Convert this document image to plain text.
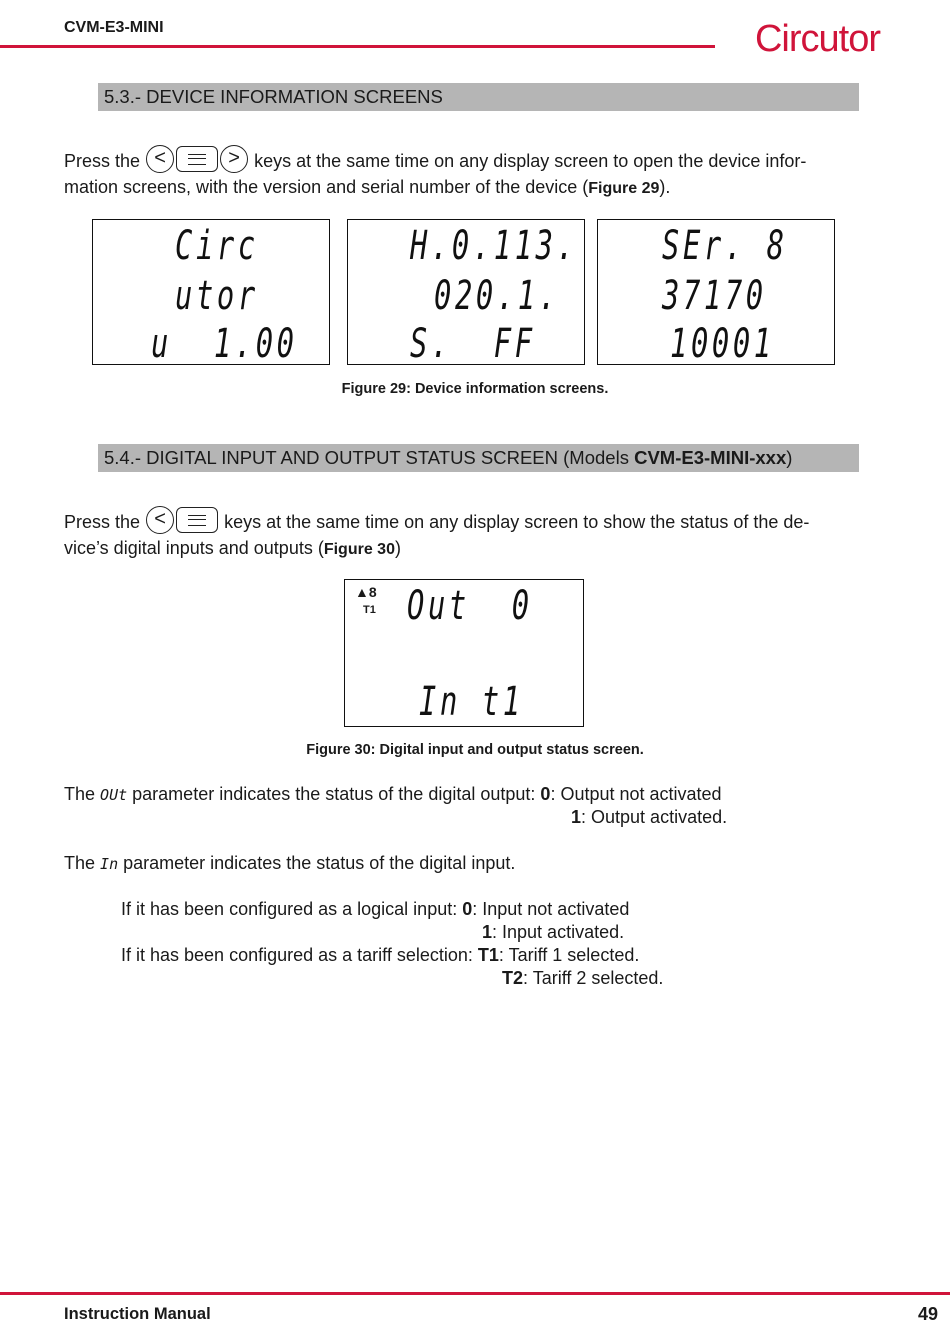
CVM-E3-MINI	Circutor
5.3.- DEVICE INFORMATION SCREENS
Press the <	> keys at the same time on any display screen to open the device infor-
mation screens, with the version and serial number of the device (Figure 29).
Circ
utor
u  1.00
H.0.113.
020.1.
S.  FF
SEr. 8
37170
10001
Figure 29: Device information screens.
5.4.- DIGITAL INPUT AND OUTPUT STATUS SCREEN (Models CVM-E3-MINI-xxx)
Press the <	keys at the same time on any display screen to show the status of the de-
vice’s digital inputs and outputs (Figure 30)
▲8
T1 Out  0
In t1
Figure 30: Digital input and output status screen.
The OUt parameter indicates the status of the digital output: 0: Output not activated
1: Output activated.
The In parameter indicates the status of the digital input.
If it has been configured as a logical input: 0: Input not activated
1: Input activated.
If it has been configured as a tariff selection: T1: Tariff 1 selected.
T2: Tariff 2 selected.
Instruction Manual	49
